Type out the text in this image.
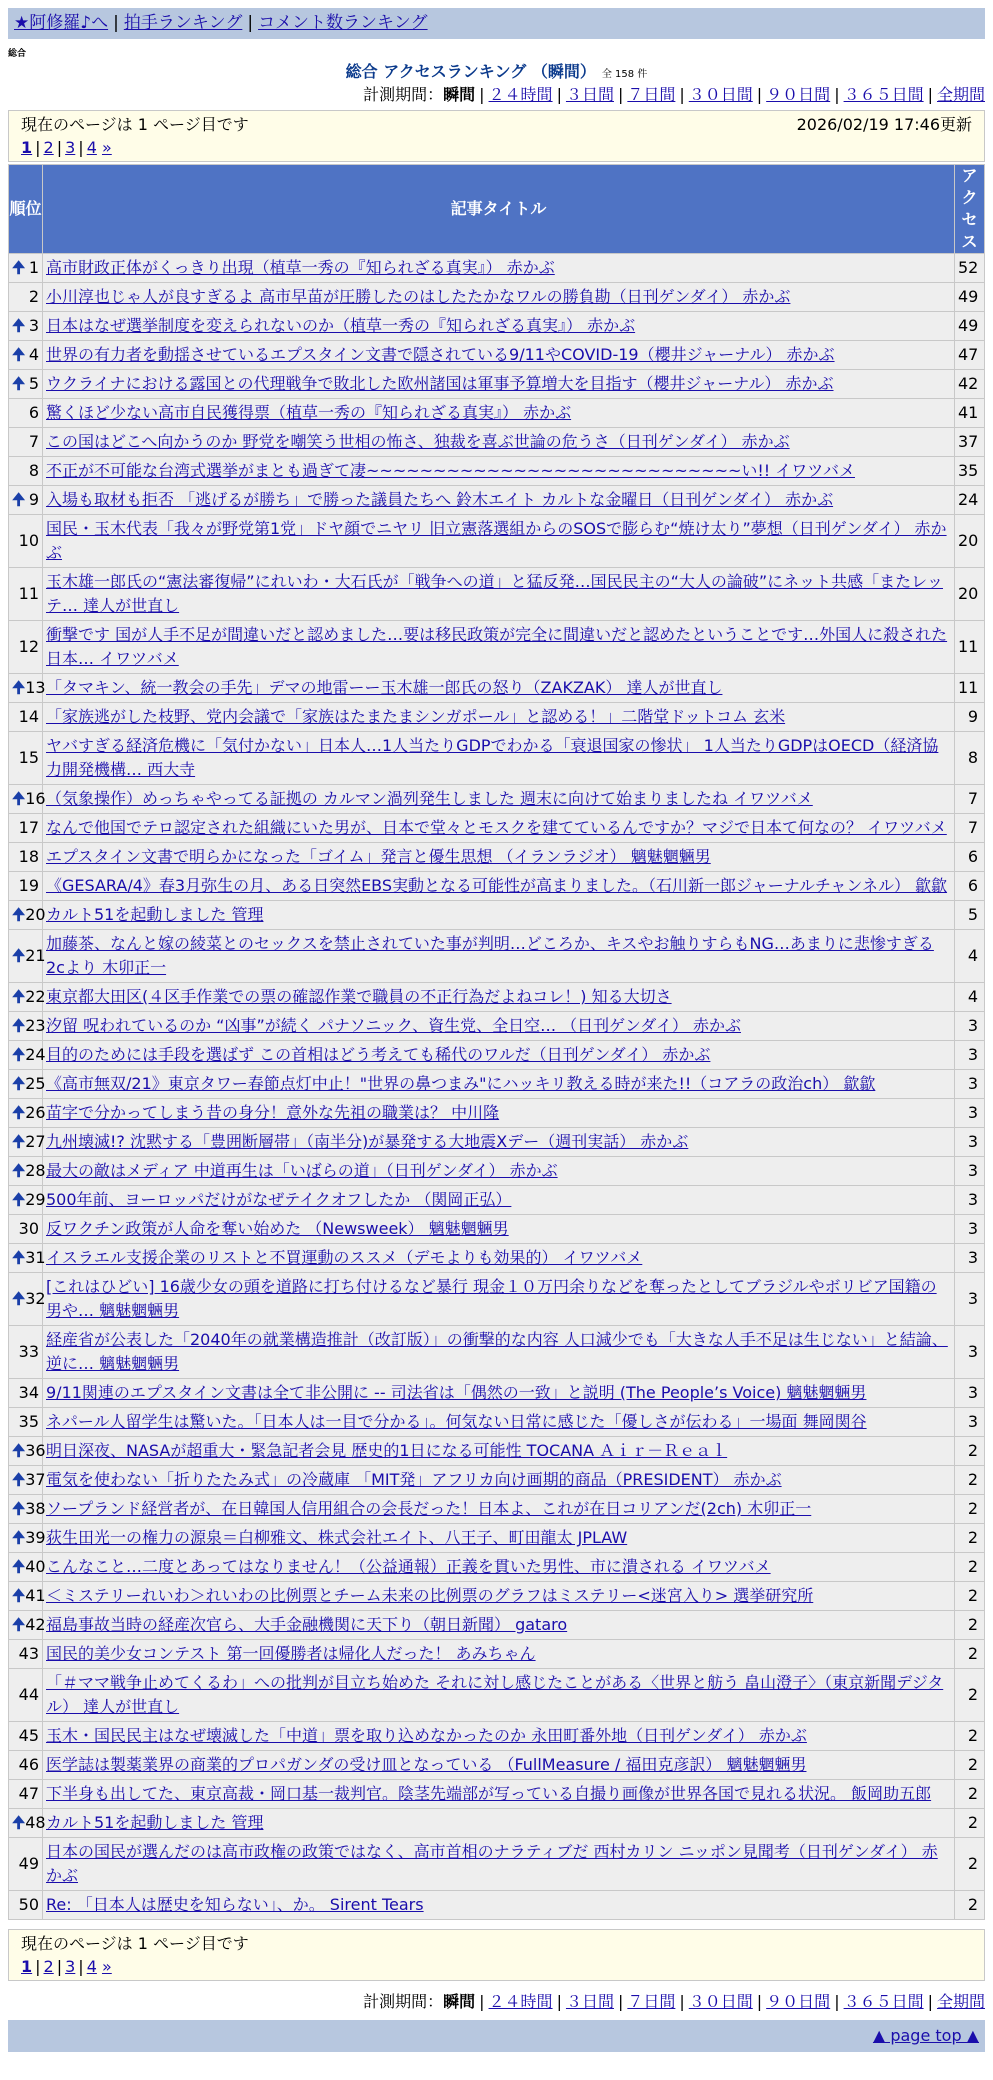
★阿修羅♪へ | 拍手ランキング | コメント数ランキング
総合
総合 アクセスランキング （瞬間） 全 158 件
計測期間：瞬間 | ２４時間 | ３日間 | ７日間 | ３０日間 | ９０日間 | ３６５日間 | 全期間
現在のページは 1 ページ目です	2026/02/19 17:46更新
1 | 2 | 3 | 4 »
順位	記事タイトル	アクセス

🠉 1	高市財政正体がくっきり出現（植草一秀の『知られざる真実』） 赤かぶ	52
2	小川淳也じゃ人が良すぎるよ 高市早苗が圧勝したのはしたたかなワルの勝負勘（日刊ゲンダイ） 赤かぶ	49

🠉 3	日本はなぜ選挙制度を変えられないのか（植草一秀の『知られざる真実』） 赤かぶ	49

🠉 4	世界の有力者を動揺させているエプスタイン文書で隠されている9/11やCOVID-19（櫻井ジャーナル） 赤かぶ	47

🠉 5	ウクライナにおける露国との代理戦争で敗北した欧州諸国は軍事予算増大を目指す（櫻井ジャーナル） 赤かぶ	42
6	驚くほど少ない高市自民獲得票（植草一秀の『知られざる真実』） 赤かぶ	41
7	この国はどこへ向かうのか 野党を嘲笑う世相の怖さ、独裁を喜ぶ世論の危うさ（日刊ゲンダイ） 赤かぶ	37
8	不正が不可能な台湾式選挙がまとも過ぎて凄~~~~~~~~~~~~~~~~~~~~~~~~~~~~い!! イワツバメ	35

🠉 9	入場も取材も拒否 「逃げるが勝ち」で勝った議員たちへ 鈴木エイト カルトな金曜日（日刊ゲンダイ） 赤かぶ	24
10	国民・玉木代表「我々が野党第1党」ドヤ顔でニヤリ 旧立憲落選組からのSOSで膨らむ“焼け太り”夢想（日刊ゲンダイ） 赤かぶ	20
11	玉木雄一郎氏の“憲法審復帰”にれいわ・大石氏が「戦争への道」と猛反発…国民民主の“大人の論破”にネット共感「またレッテ… 達人が世直し	20
12	衝撃です 国が人手不足が間違いだと認めました…要は移民政策が完全に間違いだと認めたということです…外国人に殺された日本… イワツバメ	11

🠉 13	「タマキン、統一教会の手先」デマの地雷ーー玉木雄一郎氏の怒り（ZAKZAK） 達人が世直し	11
14	「家族逃がした枝野、党内会議で「家族はたまたまシンガポール」と認める！」二階堂ドットコム 玄米	9
15	ヤバすぎる経済危機に「気付かない」日本人…1人当たりGDPでわかる「衰退国家の惨状」 1人当たりGDPはOECD（経済協力開発機構… 西大寺	8

🠉 16	（気象操作）めっちゃやってる証拠の カルマン渦列発生しました 週末に向けて始まりましたね イワツバメ	7
17	なんで他国でテロ認定された組織にいた男が、日本で堂々とモスクを建てているんですか？マジで日本て何なの？ イワツバメ	7
18	エプスタイン文書で明らかになった「ゴイム」発言と優生思想 （イランラジオ） 魑魅魍魎男	6
19	《GESARA/4》春3月弥生の月、ある日突然EBS実動となる可能性が高まりました。（石川新一郎ジャーナルチャンネル） 歙歙	6

🠉 20	カルト51を起動しました 管理	5

🠉 21	加藤茶、なんと嫁の綾菜とのセックスを禁止されていた事が判明…どころか、キスやお触りすらもNG…あまりに悲惨すぎる2cより 木卯正一	4

🠉 22	東京都大田区(４区手作業での票の確認作業で職員の不正行為だよねコレ！) 知る大切さ	4

🠉 23	汐留 呪われているのか “凶事”が続く パナソニック、資生党、全日空… （日刊ゲンダイ） 赤かぶ	3

🠉 24	目的のためには手段を選ばず この首相はどう考えても稀代のワルだ（日刊ゲンダイ） 赤かぶ	3

🠉 25	《高市無双/21》東京タワー春節点灯中止！"世界の鼻つまみ"にハッキリ教える時が来た!!（コアラの政治ch） 歙歙	3

🠉 26	苗字で分かってしまう昔の身分！意外な先祖の職業は？ 中川隆	3

🠉 27	九州壊滅!? 沈黙する「豊囲断層帯」（南半分)が暴発する大地震Xデー（週刊実話） 赤かぶ	3

🠉 28	最大の敵はメディア 中道再生は「いばらの道」（日刊ゲンダイ） 赤かぶ	3

🠉 29	500年前、ヨーロッパだけがなぜテイクオフしたか （関岡正弘）	3
30	反ワクチン政策が人命を奪い始めた （Newsweek） 魑魅魍魎男	3

🠉 31	イスラエル支援企業のリストと不買運動のススメ（デモよりも効果的） イワツバメ	3

🠉 32	[これはひどい] 16歳少女の頭を道路に打ち付けるなど暴行 現金１０万円余りなどを奪ったとしてブラジルやボリビア国籍の男や… 魑魅魍魎男	3
33	経産省が公表した「2040年の就業構造推計（改訂版）」の衝撃的な内容 人口減少でも「大きな人手不足は生じない」と結論、逆に… 魑魅魍魎男	3
34	9/11関連のエプスタイン文書は全て非公開に -- 司法省は「偶然の一致」と説明 (The People’s Voice) 魑魅魍魎男	3
35	ネパール人留学生は驚いた。「日本人は一目で分かる」。何気ない日常に感じた「優しさが伝わる」一場面 舞岡関谷	3

🠉 36	明日深夜、NASAが超重大・緊急記者会見 歴史的1日になる可能性 TOCANA Ａｉｒ－Ｒｅａｌ	2

🠉 37	電気を使わない「折りたたみ式」の冷蔵庫 「MIT発」アフリカ向け画期的商品（PRESIDENT） 赤かぶ	2

🠉 38	ソープランド経営者が、在日韓国人信用組合の会長だった！日本よ、これが在日コリアンだ(2ch) 木卯正一	2

🠉 39	荻生田光一の権力の源泉＝白柳雅文、株式会社エイト、八王子、町田龍太 JPLAW	2

🠉 40	こんなこと…二度とあってはなりません！（公益通報）正義を貫いた男性、市に潰される イワツバメ	2

🠉 41	＜ミステリーれいわ＞れいわの比例票とチーム未来の比例票のグラフはミステリー<迷宮入り> 選挙研究所	2

🠉 42	福島事故当時の経産次官ら、大手金融機関に天下り（朝日新聞） gataro	2
43	国民的美少女コンテスト 第一回優勝者は帰化人だった！ あみちゃん	2
44	「＃ママ戦争止めてくるわ」への批判が目立ち始めた それに対し感じたことがある〈世界と舫う 畠山澄子〉（東京新聞デジタル） 達人が世直し	2
45	玉木・国民民主はなぜ壊滅した「中道」票を取り込めなかったのか 永田町番外地（日刊ゲンダイ） 赤かぶ	2
46	医学誌は製薬業界の商業的プロパガンダの受け皿となっている （FullMeasure / 福田克彦訳） 魑魅魍魎男	2
47	下半身も出してた、東京高裁・岡口基一裁判官。陰茎先端部が写っている自撮り画像が世界各国で見れる状況。 飯岡助五郎	2

🠉 48	カルト51を起動しました 管理	2
49	日本の国民が選んだのは高市政権の政策ではなく、高市首相のナラティブだ 西村カリン ニッポン見聞考（日刊ゲンダイ） 赤かぶ	2
50	Re: 「日本人は歴史を知らない」、か。 Sirent Tears	2
現在のページは 1 ページ目です
1 | 2 | 3 | 4 »
計測期間：瞬間 | ２４時間 | ３日間 | ７日間 | ３０日間 | ９０日間 | ３６５日間 | 全期間
▲ page top ▲
